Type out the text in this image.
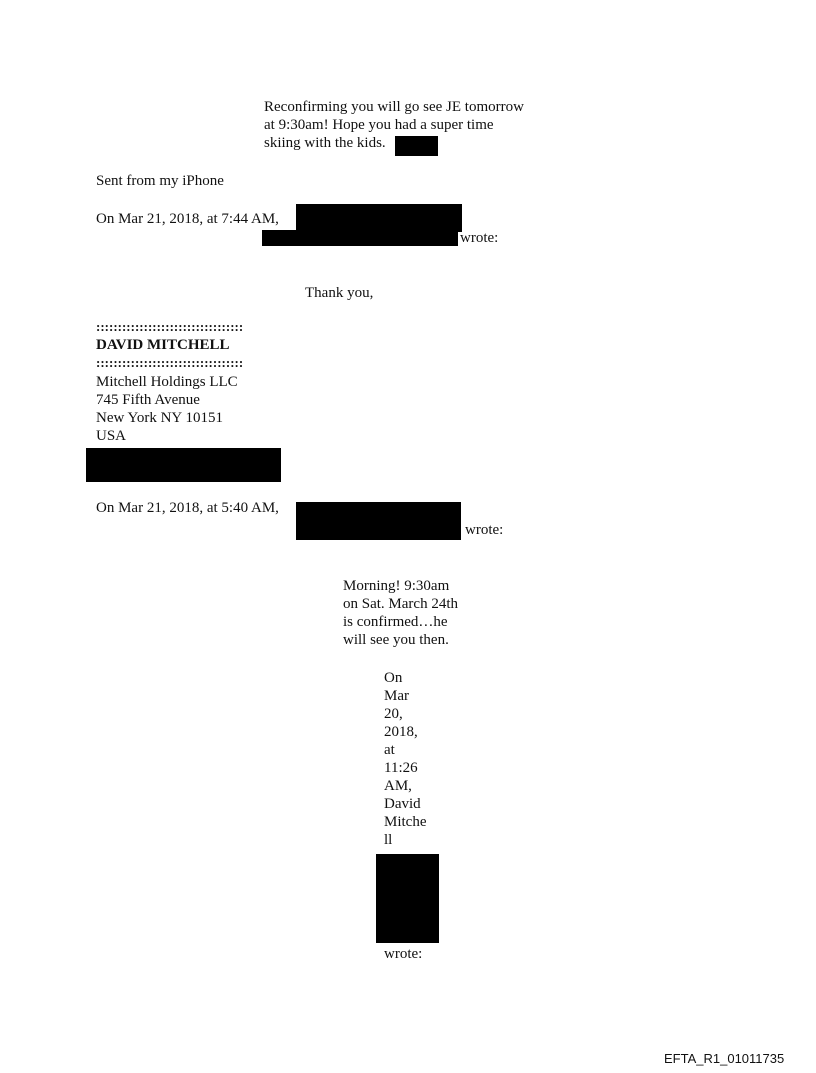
Reconfirming you will go see JE tomorrow

at 9:30am! Hope you had a super time

skiing with the kids.

Sent from my iPhone

On Mar 21, 2018, at 7:44 AM,

wrote:

Thank you,

::::::::::::::::::::::::::::::::::

DAVID MITCHELL

::::::::::::::::::::::::::::::::::

Mitchell Holdings LLC

745 Fifth Avenue

New York NY 10151

USA

On Mar 21, 2018, at 5:40 AM,

wrote:

Morning! 9:30am

on Sat. March 24th

is confirmed…he

will see you then.

On

Mar

20,

2018,

at

11:26

AM,

David

Mitche

ll

wrote:

EFTA_R1_01011735
